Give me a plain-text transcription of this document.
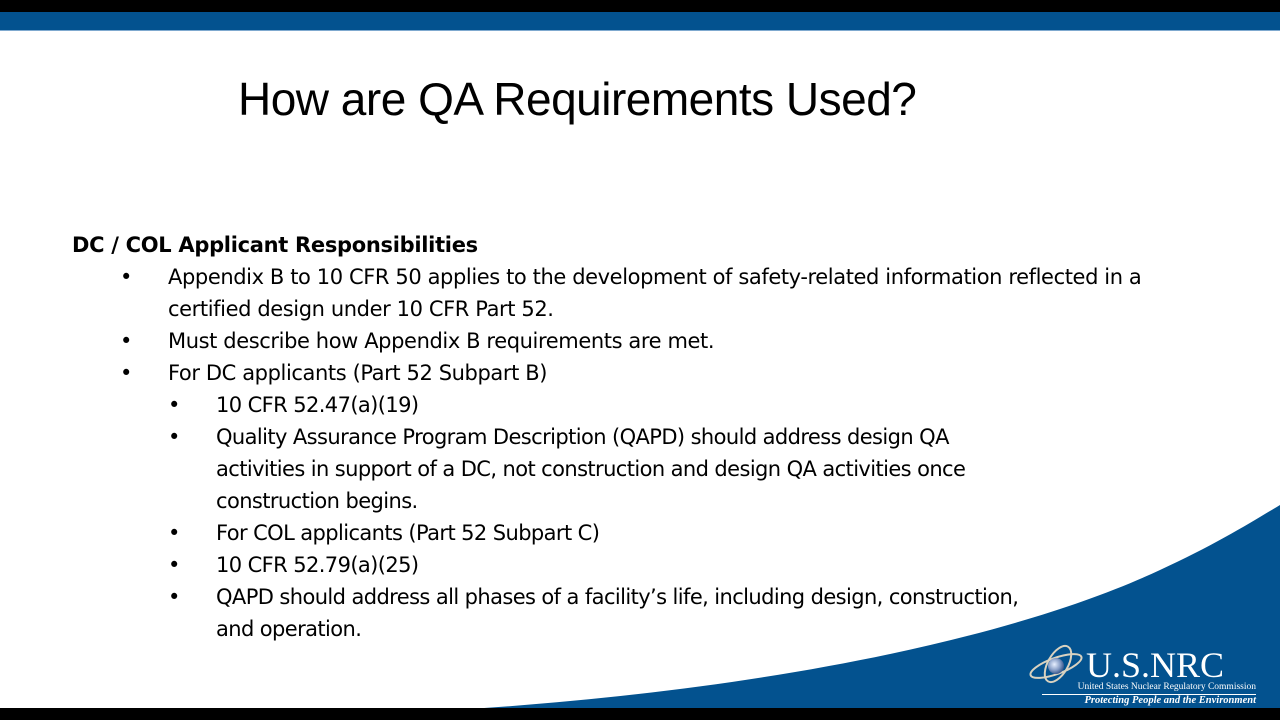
How are QA Requirements Used?
DC / COL Applicant Responsibilities
• Appendix B to 10 CFR 50 applies to the development of safety-related information reflected in a certified design under 10 CFR Part 52.
• Must describe how Appendix B requirements are met.
• For DC applicants (Part 52 Subpart B)
• 10 CFR 52.47(a)(19)
• Quality Assurance Program Description (QAPD) should address design QA activities in support of a DC, not construction and design QA activities once construction begins.
• For COL applicants (Part 52 Subpart C)
• 10 CFR 52.79(a)(25)
• QAPD should address all phases of a facility’s life, including design, construction, and operation.
U.S.NRC
United States Nuclear Regulatory Commission
Protecting People and the Environment
